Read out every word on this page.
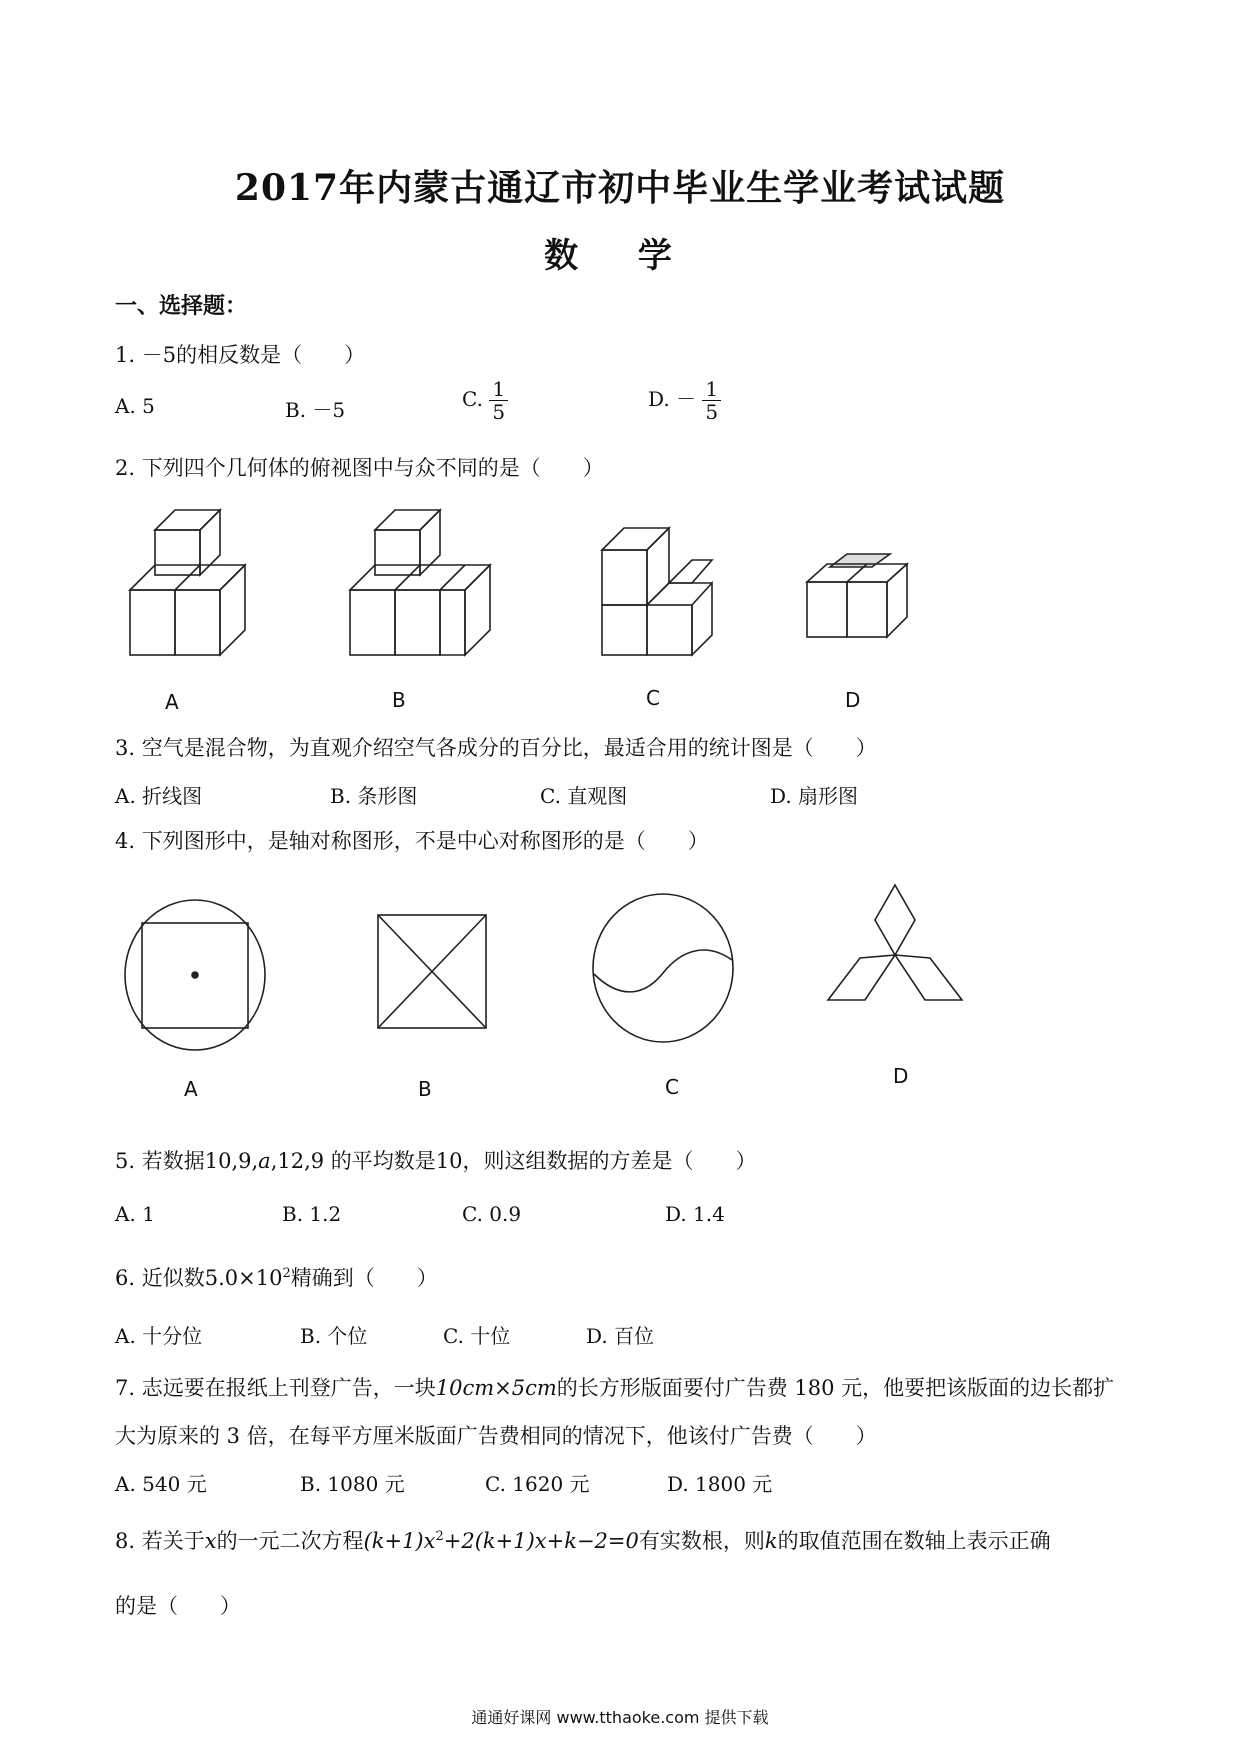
2017年内蒙古通辽市初中毕业生学业考试试题
数 学
一、选择题：
1. －5的相反数是（　　）
A. 5	B. －5	C. $\frac{1}{5}$	D. － $\frac{1}{5}$
2. 下列四个几何体的俯视图中与众不同的是（　　）
A	B	C	D
3. 空气是混合物，为直观介绍空气各成分的百分比，最适合用的统计图是（　　）
A. 折线图	B. 条形图	C. 直观图	D. 扇形图
4. 下列图形中，是轴对称图形，不是中心对称图形的是（　　）
A	B	C	D
5. 若数据10,9,a,12,9 的平均数是10，则这组数据的方差是（　　）
A. 1	B. 1.2	C. 0.9	D. 1.4
6. 近似数$5.0\times 10^2$精确到（　　）
A. 十分位	B. 个位	C. 十位	D. 百位
7. 志远要在报纸上刊登广告，一块10cm×5cm的长方形版面要付广告费 180 元，他要把该版面的边长都扩
大为原来的 3 倍，在每平方厘米版面广告费相同的情况下，他该付广告费（　　）
A. 540 元	B. 1080 元	C. 1620 元	D. 1800 元
8. 若关于x的一元二次方程$(k+1)x^2+2(k+1)x+k-2=0$有实数根，则k的取值范围在数轴上表示正确
的是（　　）
通通好课网 www.tthaoke.com 提供下载
